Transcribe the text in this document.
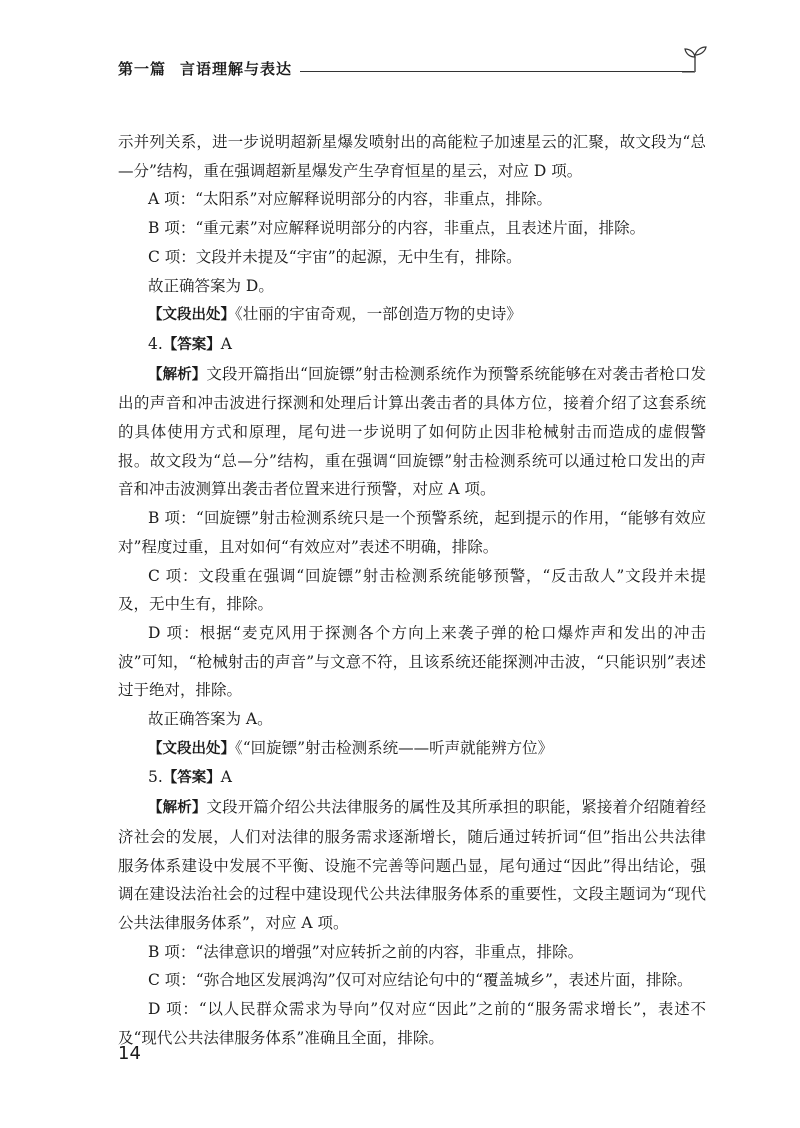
第一篇 言语理解与表达

示并列关系，进一步说明超新星爆发喷射出的高能粒子加速星云的汇聚，故文段为“总—分”结构，重在强调超新星爆发产生孕育恒星的星云，对应 D 项。

A 项：“太阳系”对应解释说明部分的内容，非重点，排除。

B 项：“重元素”对应解释说明部分的内容，非重点，且表述片面，排除。

C 项：文段并未提及“宇宙”的起源，无中生有，排除。

故正确答案为 D。

【文段出处】《壮丽的宇宙奇观，一部创造万物的史诗》

4.【答案】A

【解析】文段开篇指出“回旋镖”射击检测系统作为预警系统能够在对袭击者枪口发出的声音和冲击波进行探测和处理后计算出袭击者的具体方位，接着介绍了这套系统的具体使用方式和原理，尾句进一步说明了如何防止因非枪械射击而造成的虚假警报。故文段为“总—分”结构，重在强调“回旋镖”射击检测系统可以通过枪口发出的声音和冲击波测算出袭击者位置来进行预警，对应 A 项。

B 项：“回旋镖”射击检测系统只是一个预警系统，起到提示的作用，“能够有效应对”程度过重，且对如何“有效应对”表述不明确，排除。

C 项：文段重在强调“回旋镖”射击检测系统能够预警，“反击敌人”文段并未提及，无中生有，排除。

D 项：根据“麦克风用于探测各个方向上来袭子弹的枪口爆炸声和发出的冲击波”可知，“枪械射击的声音”与文意不符，且该系统还能探测冲击波，“只能识别”表述过于绝对，排除。

故正确答案为 A。

【文段出处】《“回旋镖”射击检测系统——听声就能辨方位》

5.【答案】A

【解析】文段开篇介绍公共法律服务的属性及其所承担的职能，紧接着介绍随着经济社会的发展，人们对法律的服务需求逐渐增长，随后通过转折词“但”指出公共法律服务体系建设中发展不平衡、设施不完善等问题凸显，尾句通过“因此”得出结论，强调在建设法治社会的过程中建设现代公共法律服务体系的重要性，文段主题词为“现代公共法律服务体系”，对应 A 项。

B 项：“法律意识的增强”对应转折之前的内容，非重点，排除。

C 项：“弥合地区发展鸿沟”仅可对应结论句中的“覆盖城乡”，表述片面，排除。

D 项：“以人民群众需求为导向”仅对应“因此”之前的“服务需求增长”，表述不及“现代公共法律服务体系”准确且全面，排除。

14
